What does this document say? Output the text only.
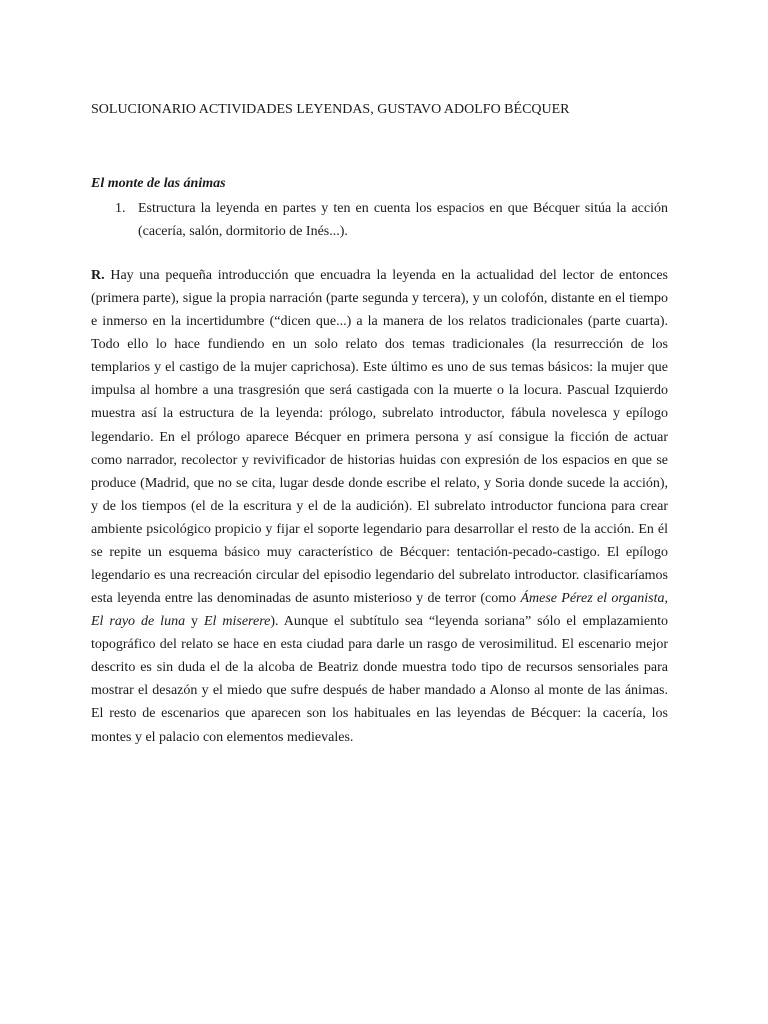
SOLUCIONARIO ACTIVIDADES LEYENDAS, GUSTAVO ADOLFO BÉCQUER
El monte de las ánimas
1. Estructura la leyenda en partes y ten en cuenta los espacios en que Bécquer sitúa la acción (cacería, salón, dormitorio de Inés...).
R. Hay una pequeña introducción que encuadra la leyenda en la actualidad del lector de entonces (primera parte), sigue la propia narración (parte segunda y tercera), y un colofón, distante en el tiempo e inmerso en la incertidumbre (“dicen que...) a la manera de los relatos tradicionales (parte cuarta). Todo ello lo hace fundiendo en un solo relato dos temas tradicionales (la resurrección de los templarios y el castigo de la mujer caprichosa). Este último es uno de sus temas básicos: la mujer que impulsa al hombre a una trasgresión que será castigada con la muerte o la locura. Pascual Izquierdo muestra así la estructura de la leyenda: prólogo, subrelato introductor, fábula novelesca y epílogo legendario. En el prólogo aparece Bécquer en primera persona y así consigue la ficción de actuar como narrador, recolector y revivificador de historias huidas con expresión de los espacios en que se produce (Madrid, que no se cita, lugar desde donde escribe el relato, y Soria donde sucede la acción), y de los tiempos (el de la escritura y el de la audición). El subrelato introductor funciona para crear ambiente psicológico propicio y fijar el soporte legendario para desarrollar el resto de la acción. En él se repite un esquema básico muy característico de Bécquer: tentación-pecado-castigo. El epílogo legendario es una recreación circular del episodio legendario del subrelato introductor. clasificaríamos esta leyenda entre las denominadas de asunto misterioso y de terror (como Ámese Pérez el organista, El rayo de luna y El miserere). Aunque el subtítulo sea “leyenda soriana” sólo el emplazamiento topográfico del relato se hace en esta ciudad para darle un rasgo de verosimilitud. El escenario mejor descrito es sin duda el de la alcoba de Beatriz donde muestra todo tipo de recursos sensoriales para mostrar el desazón y el miedo que sufre después de haber mandado a Alonso al monte de las ánimas. El resto de escenarios que aparecen son los habituales en las leyendas de Bécquer: la cacería, los montes y el palacio con elementos medievales.
